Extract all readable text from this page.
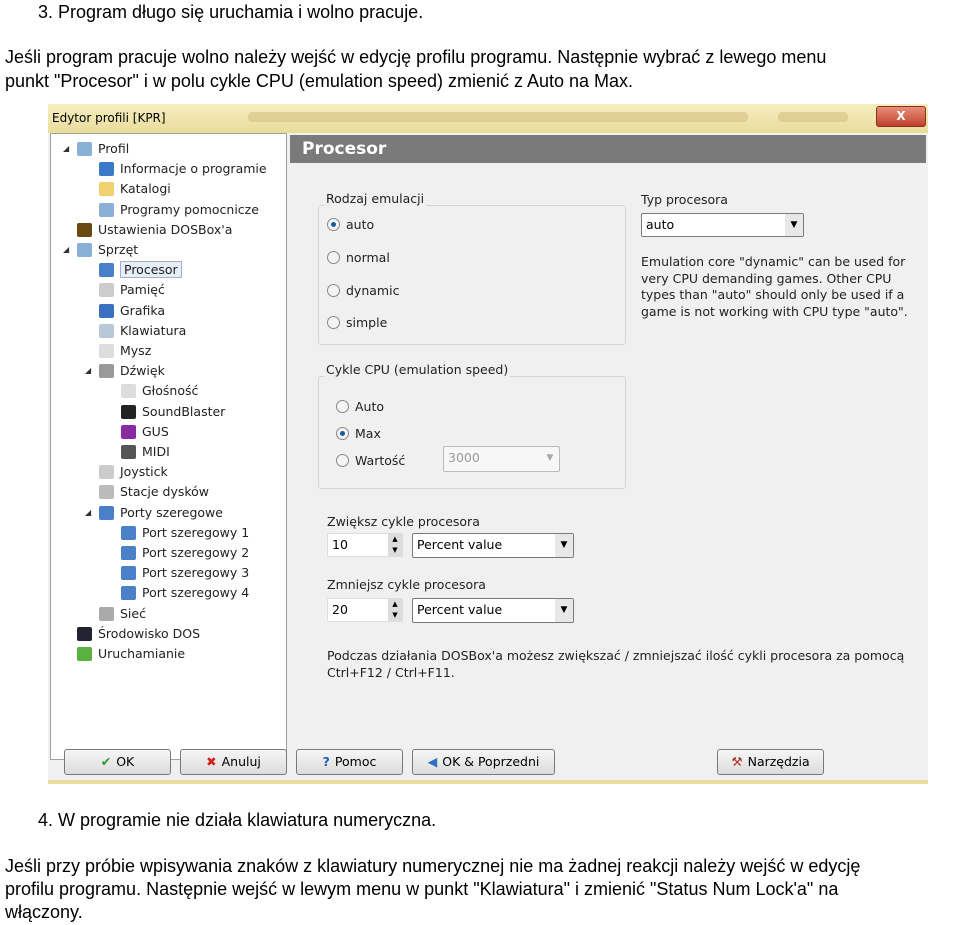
3. Program długo się uruchamia i wolno pracuje.
Jeśli program pracuje wolno należy wejść w edycję profilu programu. Następnie wybrać z lewego menu
punkt "Procesor" i w polu cykle CPU (emulation speed) zmienić z Auto na Max.
Edytor profili [KPR]	X
◢ Profil
Informacje o programie
Katalogi
Programy pomocnicze
Ustawienia DOSBox'a
◢ Sprzęt
Procesor
Pamięć
Grafika
Klawiatura
Mysz
◢ Dźwięk
Głośność
SoundBlaster
GUS
MIDI
Joystick
Stacje dysków
◢ Porty szeregowe
Port szeregowy 1
Port szeregowy 2
Port szeregowy 3
Port szeregowy 4
Sieć
Środowisko DOS
Uruchamianie
Procesor
Rodzaj emulacji
auto
normal
dynamic
simple
Typ procesora
auto	▼
Emulation core "dynamic" can be used for
very CPU demanding games. Other CPU
types than "auto" should only be used if a
game is not working with CPU type "auto".
Cykle CPU (emulation speed)
Auto
Max
Wartość	3000	▼
Zwiększ cykle procesora
10	▲
▼	Percent value	▼
Zmniejsz cykle procesora
20	▲
▼	Percent value	▼
Podczas działania DOSBox'a możesz zwiększać / zmniejszać ilość cykli procesora za pomocą
Ctrl+F12 / Ctrl+F11.
✔ OK	✖ Anuluj	? Pomoc	◀ OK & Poprzedni	⚒ Narzędzia
4. W programie nie działa klawiatura numeryczna.
Jeśli przy próbie wpisywania znaków z klawiatury numerycznej nie ma żadnej reakcji należy wejść w edycję
profilu programu. Następnie wejść w lewym menu w punkt "Klawiatura" i zmienić "Status Num Lock'a" na
włączony.
